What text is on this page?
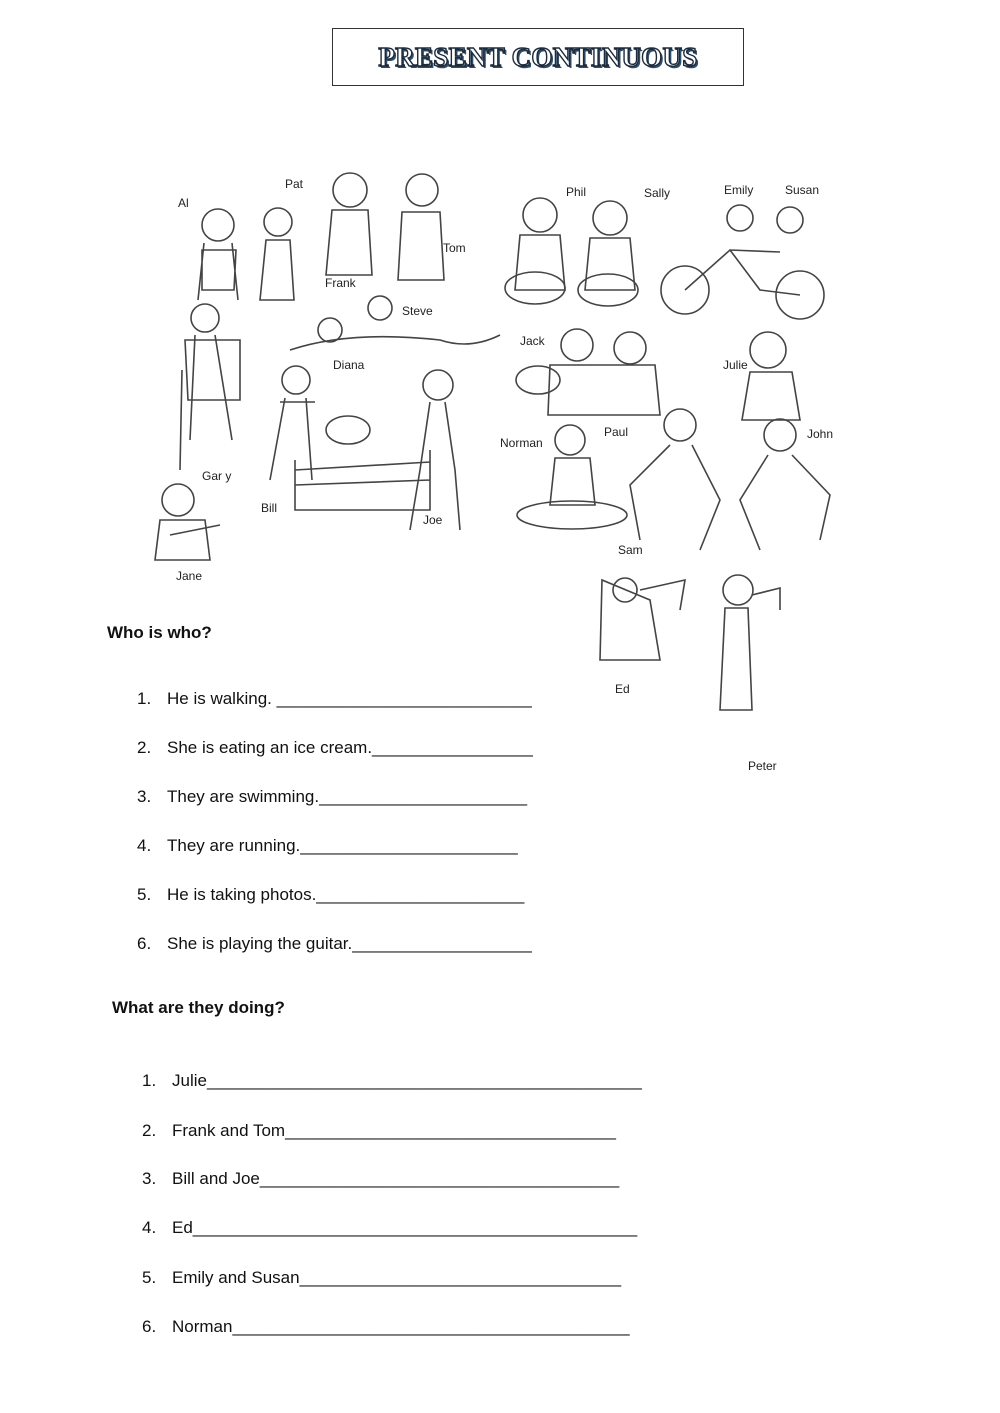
PRESENT CONTINUOUS
Al
Pat
Frank
Tom
Phil	Sally	Emily	Susan
Steve
Diana
Jack
Julie
Gar y
Bill
Joe
Norman
Paul	John
Sam
Jane
Ed
Peter
Who is who?
1. He is walking. ___________________________
2. She is eating an ice cream._________________
3. They are swimming.______________________
4. They are running._______________________
5. He is taking photos.______________________
6. She is playing the guitar.___________________
What are they doing?
1. Julie______________________________________________
2. Frank and Tom___________________________________
3. Bill and Joe______________________________________
4. Ed_______________________________________________
5. Emily and Susan__________________________________
6. Norman__________________________________________
